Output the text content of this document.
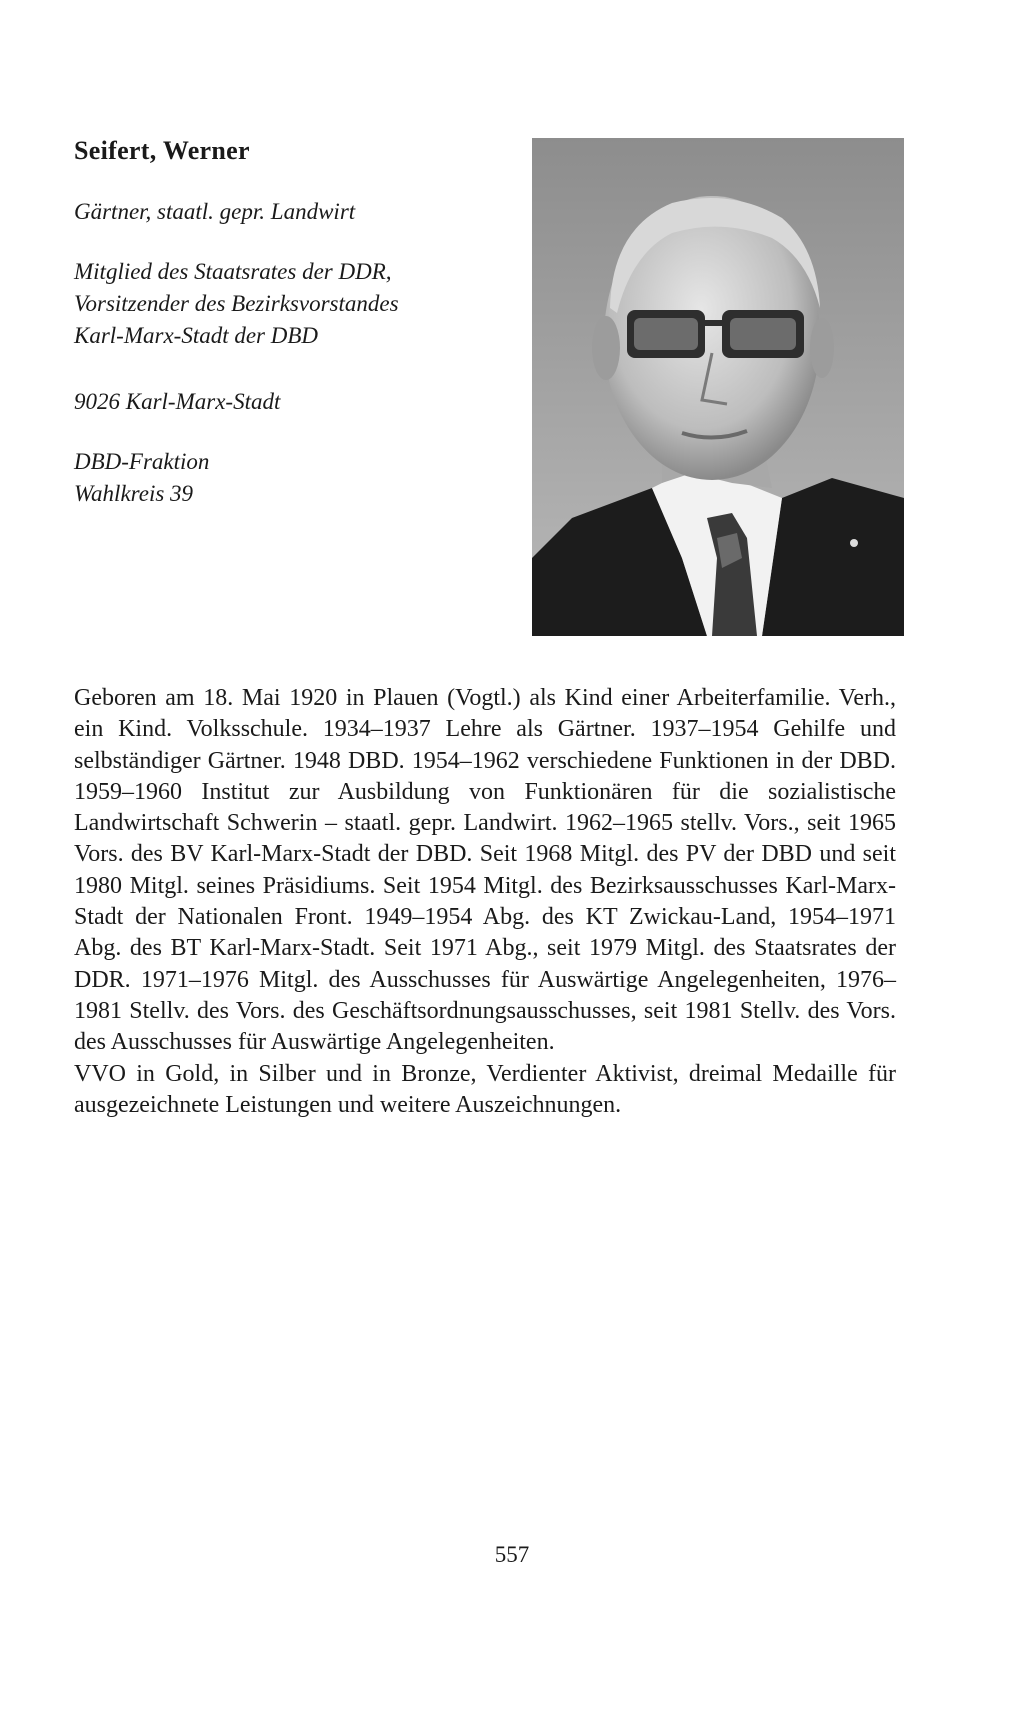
Seifert, Werner
Gärtner, staatl. gepr. Landwirt
Mitglied des Staatsrates der DDR,
Vorsitzender des Bezirksvorstandes
Karl-Marx-Stadt der DBD
9026 Karl-Marx-Stadt
DBD-Fraktion
Wahlkreis 39

Geboren am 18. Mai 1920 in Plauen (Vogtl.) als Kind einer Arbeiterfamilie. Verh., ein Kind. Volksschule. 1934–1937 Lehre als Gärtner. 1937–1954 Gehilfe und selbständiger Gärtner. 1948 DBD. 1954–1962 verschiedene Funktionen in der DBD. 1959–1960 Institut zur Ausbildung von Funktionären für die sozialistische Landwirtschaft Schwerin – staatl. gepr. Landwirt. 1962–1965 stellv. Vors., seit 1965 Vors. des BV Karl-Marx-Stadt der DBD. Seit 1968 Mitgl. des PV der DBD und seit 1980 Mitgl. seines Präsidiums. Seit 1954 Mitgl. des Bezirksausschusses Karl-Marx-Stadt der Nationalen Front. 1949–1954 Abg. des KT Zwickau-Land, 1954–1971 Abg. des BT Karl-Marx-Stadt. Seit 1971 Abg., seit 1979 Mitgl. des Staatsrates der DDR. 1971–1976 Mitgl. des Ausschusses für Auswärtige Angelegenheiten, 1976–1981 Stellv. des Vors. des Geschäftsordnungsausschusses, seit 1981 Stellv. des Vors. des Ausschusses für Auswärtige Angelegenheiten.

VVO in Gold, in Silber und in Bronze, Verdienter Aktivist, dreimal Medaille für ausgezeichnete Leistungen und weitere Auszeichnungen.

557
